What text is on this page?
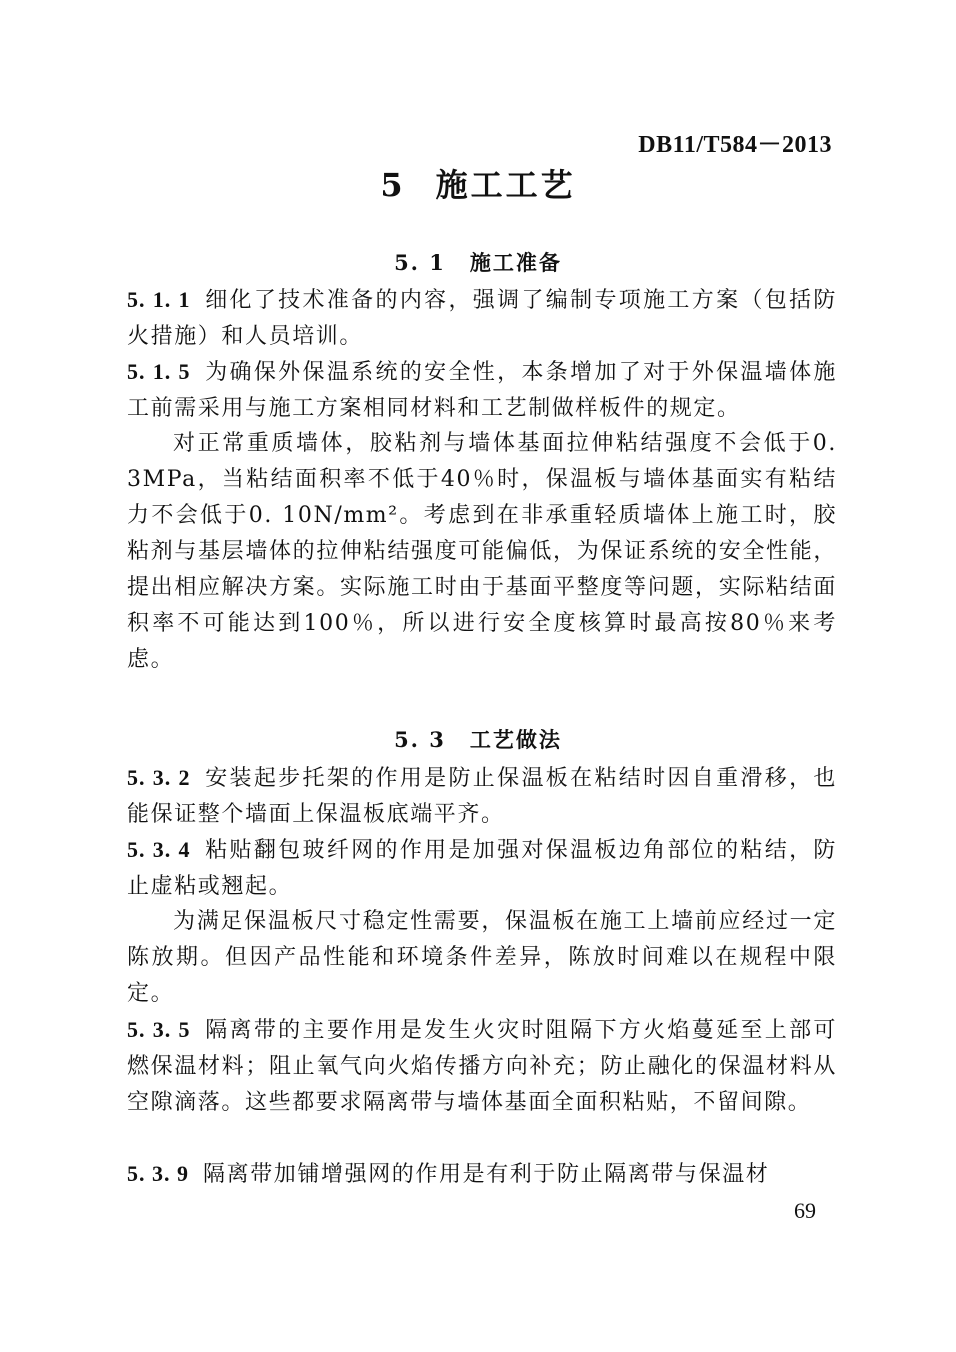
DB11/T584－2013
5 施工工艺
5. 1 施工准备

5. 1. 1 细化了技术准备的内容，强调了编制专项施工方案（包括防火措施）和人员培训。

5. 1. 5 为确保外保温系统的安全性，本条增加了对于外保温墙体施工前需采用与施工方案相同材料和工艺制做样板件的规定。

对正常重质墙体，胶粘剂与墙体基面拉伸粘结强度不会低于0. 3MPa，当粘结面积率不低于40％时，保温板与墙体基面实有粘结力不会低于0. 10N/mm²。考虑到在非承重轻质墙体上施工时，胶粘剂与基层墙体的拉伸粘结强度可能偏低，为保证系统的安全性能，提出相应解决方案。实际施工时由于基面平整度等问题，实际粘结面积率不可能达到100％，所以进行安全度核算时最高按80％来考虑。

5. 3 工艺做法

5. 3. 2 安装起步托架的作用是防止保温板在粘结时因自重滑移，也能保证整个墙面上保温板底端平齐。

5. 3. 4 粘贴翻包玻纤网的作用是加强对保温板边角部位的粘结，防止虚粘或翘起。

为满足保温板尺寸稳定性需要，保温板在施工上墙前应经过一定陈放期。但因产品性能和环境条件差异，陈放时间难以在规程中限定。

5. 3. 5 隔离带的主要作用是发生火灾时阻隔下方火焰蔓延至上部可燃保温材料；阻止氧气向火焰传播方向补充；防止融化的保温材料从空隙滴落。这些都要求隔离带与墙体基面全面积粘贴，不留间隙。

5. 3. 9 隔离带加铺增强网的作用是有利于防止隔离带与保温材

69
